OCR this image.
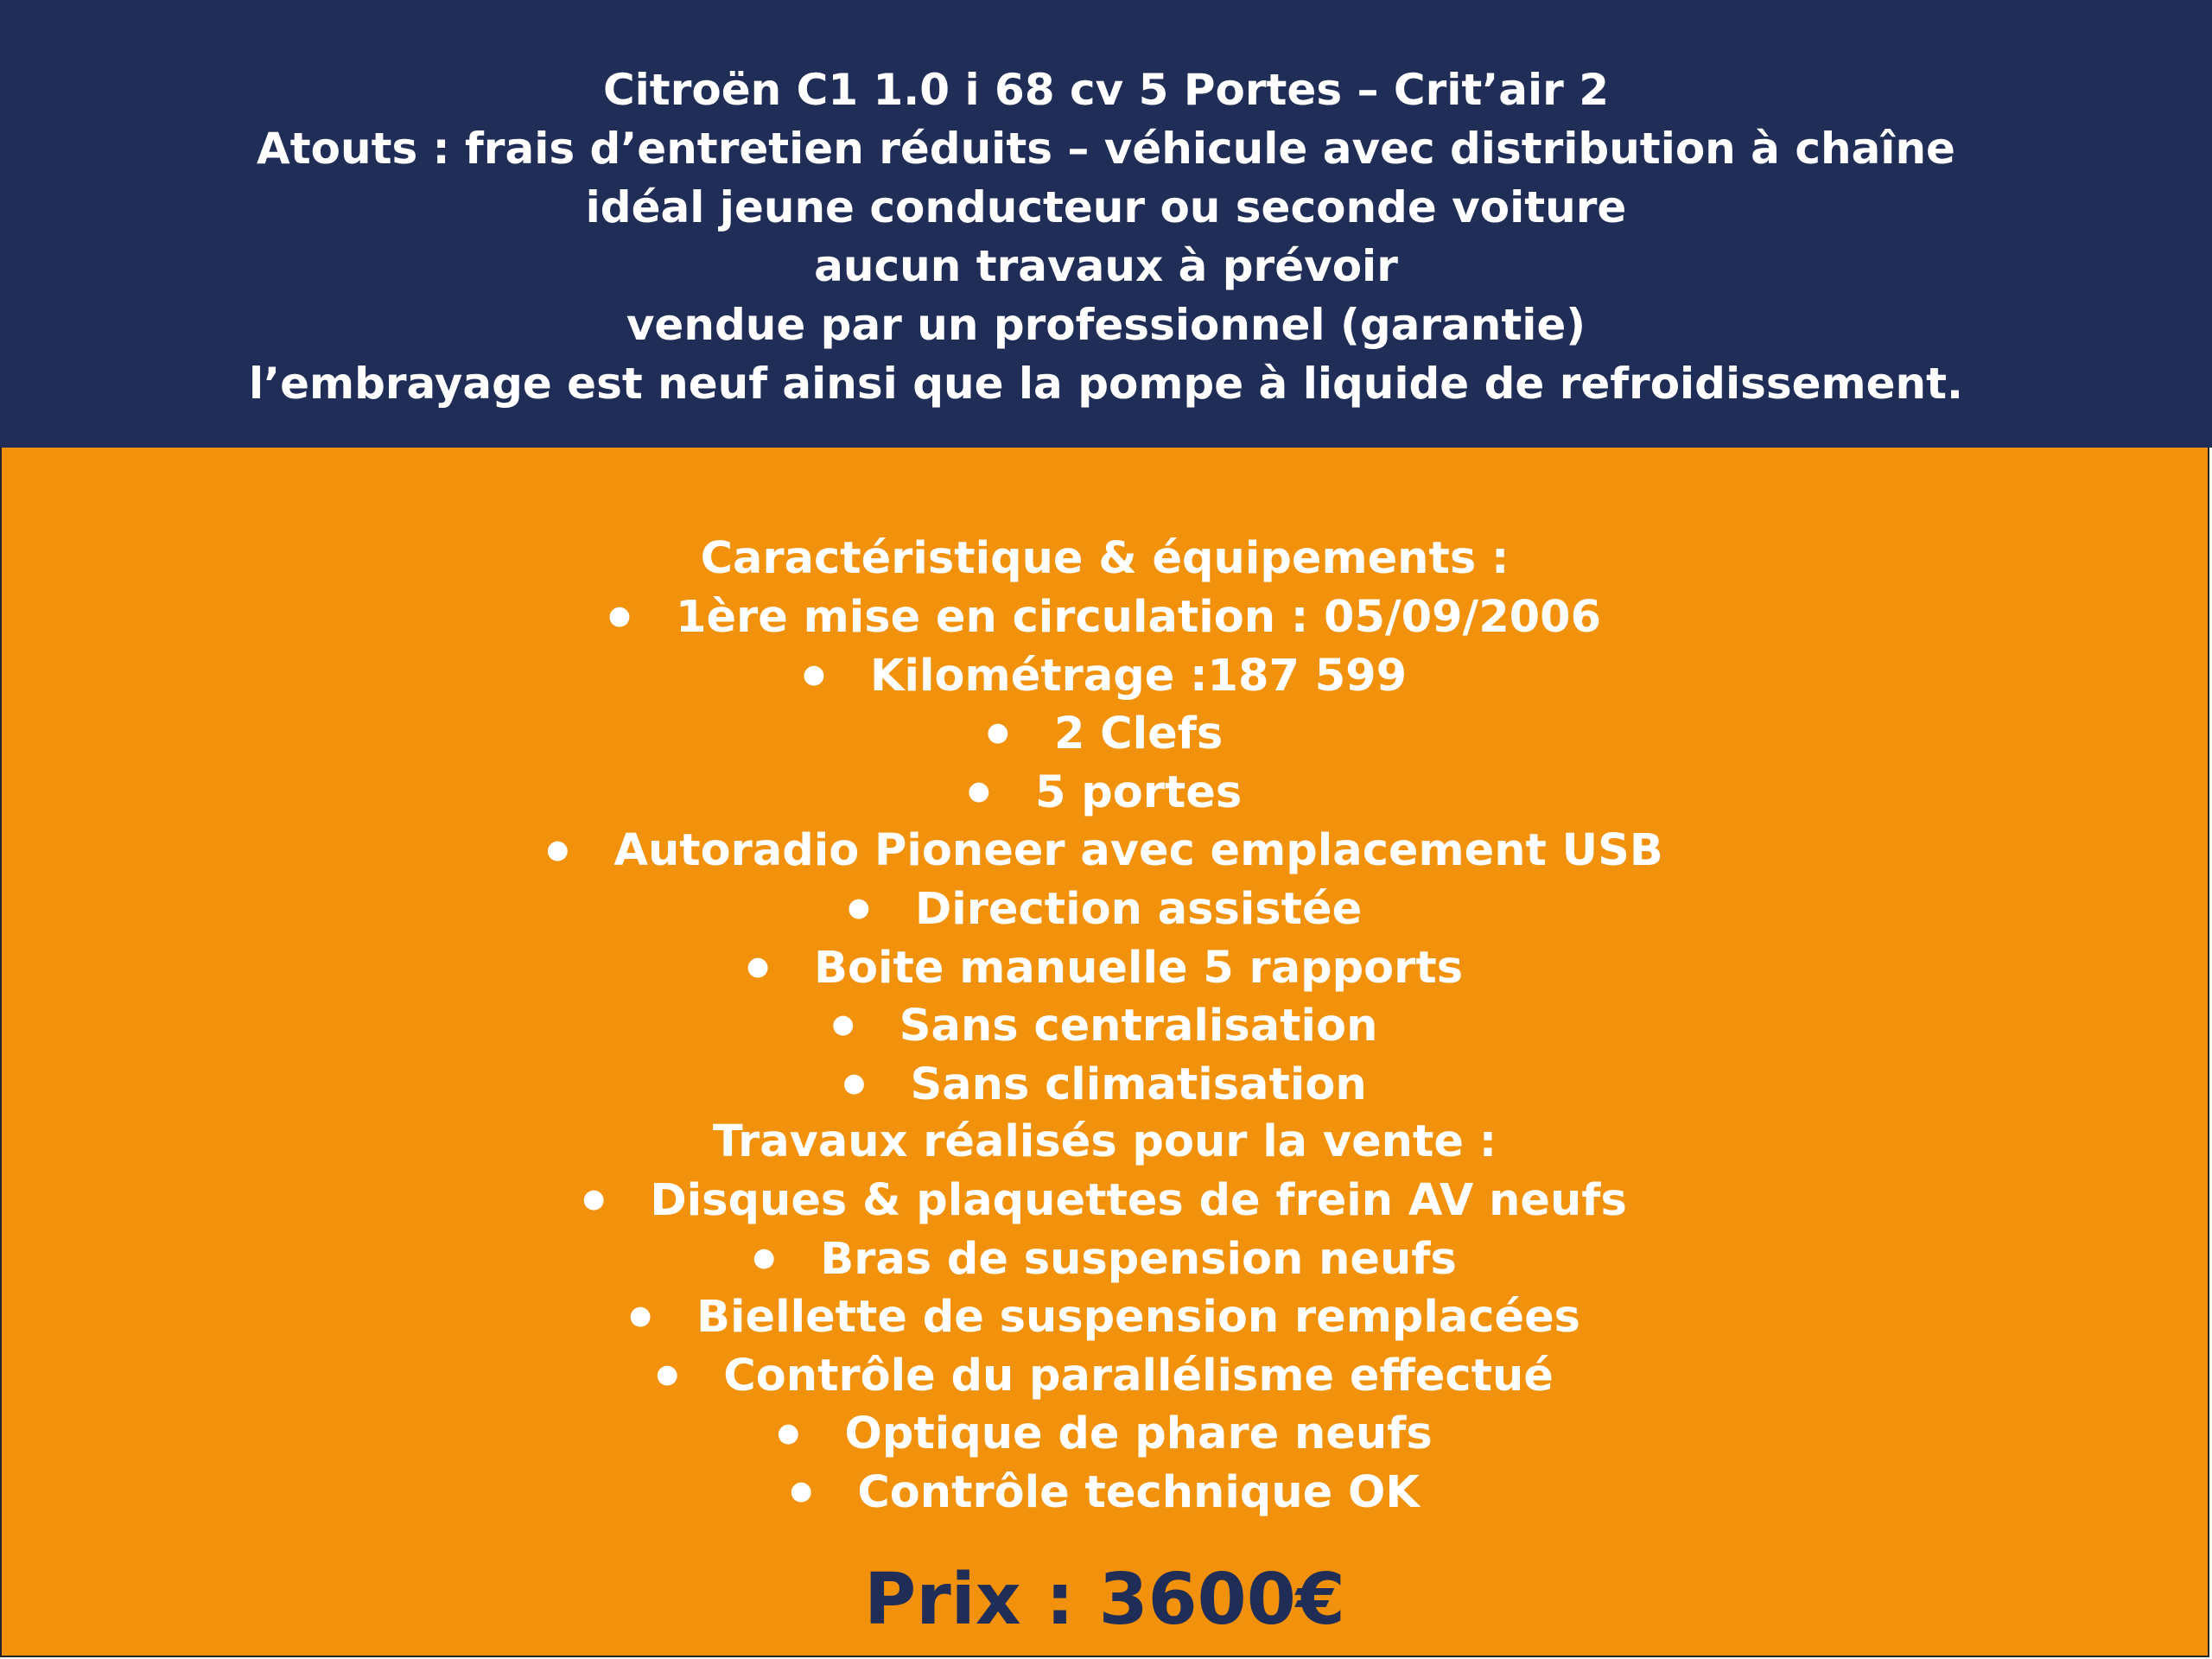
Citroën C1 1.0 i 68 cv 5 Portes – Crit’air 2
Atouts : frais d’entretien réduits – véhicule avec distribution à chaîne
idéal jeune conducteur ou seconde voiture
aucun travaux à prévoir
vendue par un professionnel (garantie)
l’embrayage est neuf ainsi que la pompe à liquide de refroidissement.
Caractéristique & équipements :
● 1ère mise en circulation : 05/09/2006
● Kilométrage :187 599
● 2 Clefs
● 5 portes
● Autoradio Pioneer avec emplacement USB
● Direction assistée
● Boite manuelle 5 rapports
● Sans centralisation
● Sans climatisation
Travaux réalisés pour la vente :
● Disques & plaquettes de frein AV neufs
● Bras de suspension neufs
● Biellette de suspension remplacées
● Contrôle du parallélisme effectué
● Optique de phare neufs
● Contrôle technique OK
Prix : 3600€
